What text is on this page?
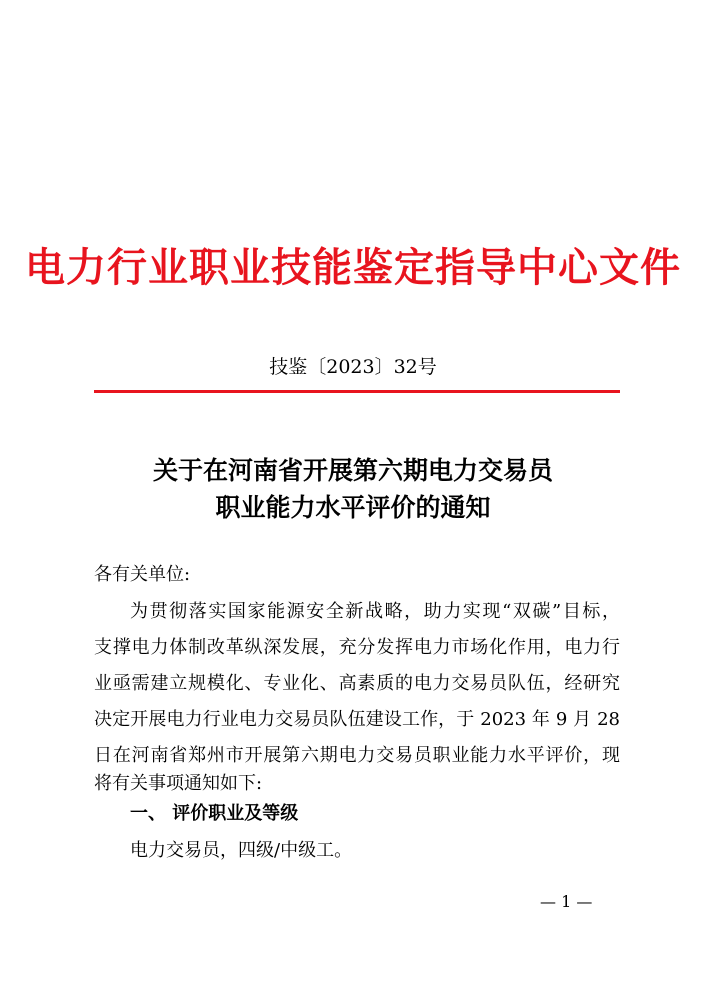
电力行业职业技能鉴定指导中心文件
技鉴〔2023〕32号
关于在河南省开展第六期电力交易员
职业能力水平评价的通知
各有关单位:
为贯彻落实国家能源安全新战略，助力实现“双碳”目标，
支撑电力体制改革纵深发展，充分发挥电力市场化作用，电力行
业亟需建立规模化、专业化、高素质的电力交易员队伍，经研究
决定开展电力行业电力交易员队伍建设工作，于 2023 年 9 月 28
日在河南省郑州市开展第六期电力交易员职业能力水平评价，现
将有关事项通知如下:
一、 评价职业及等级
电力交易员，四级/中级工。
— 1 —
